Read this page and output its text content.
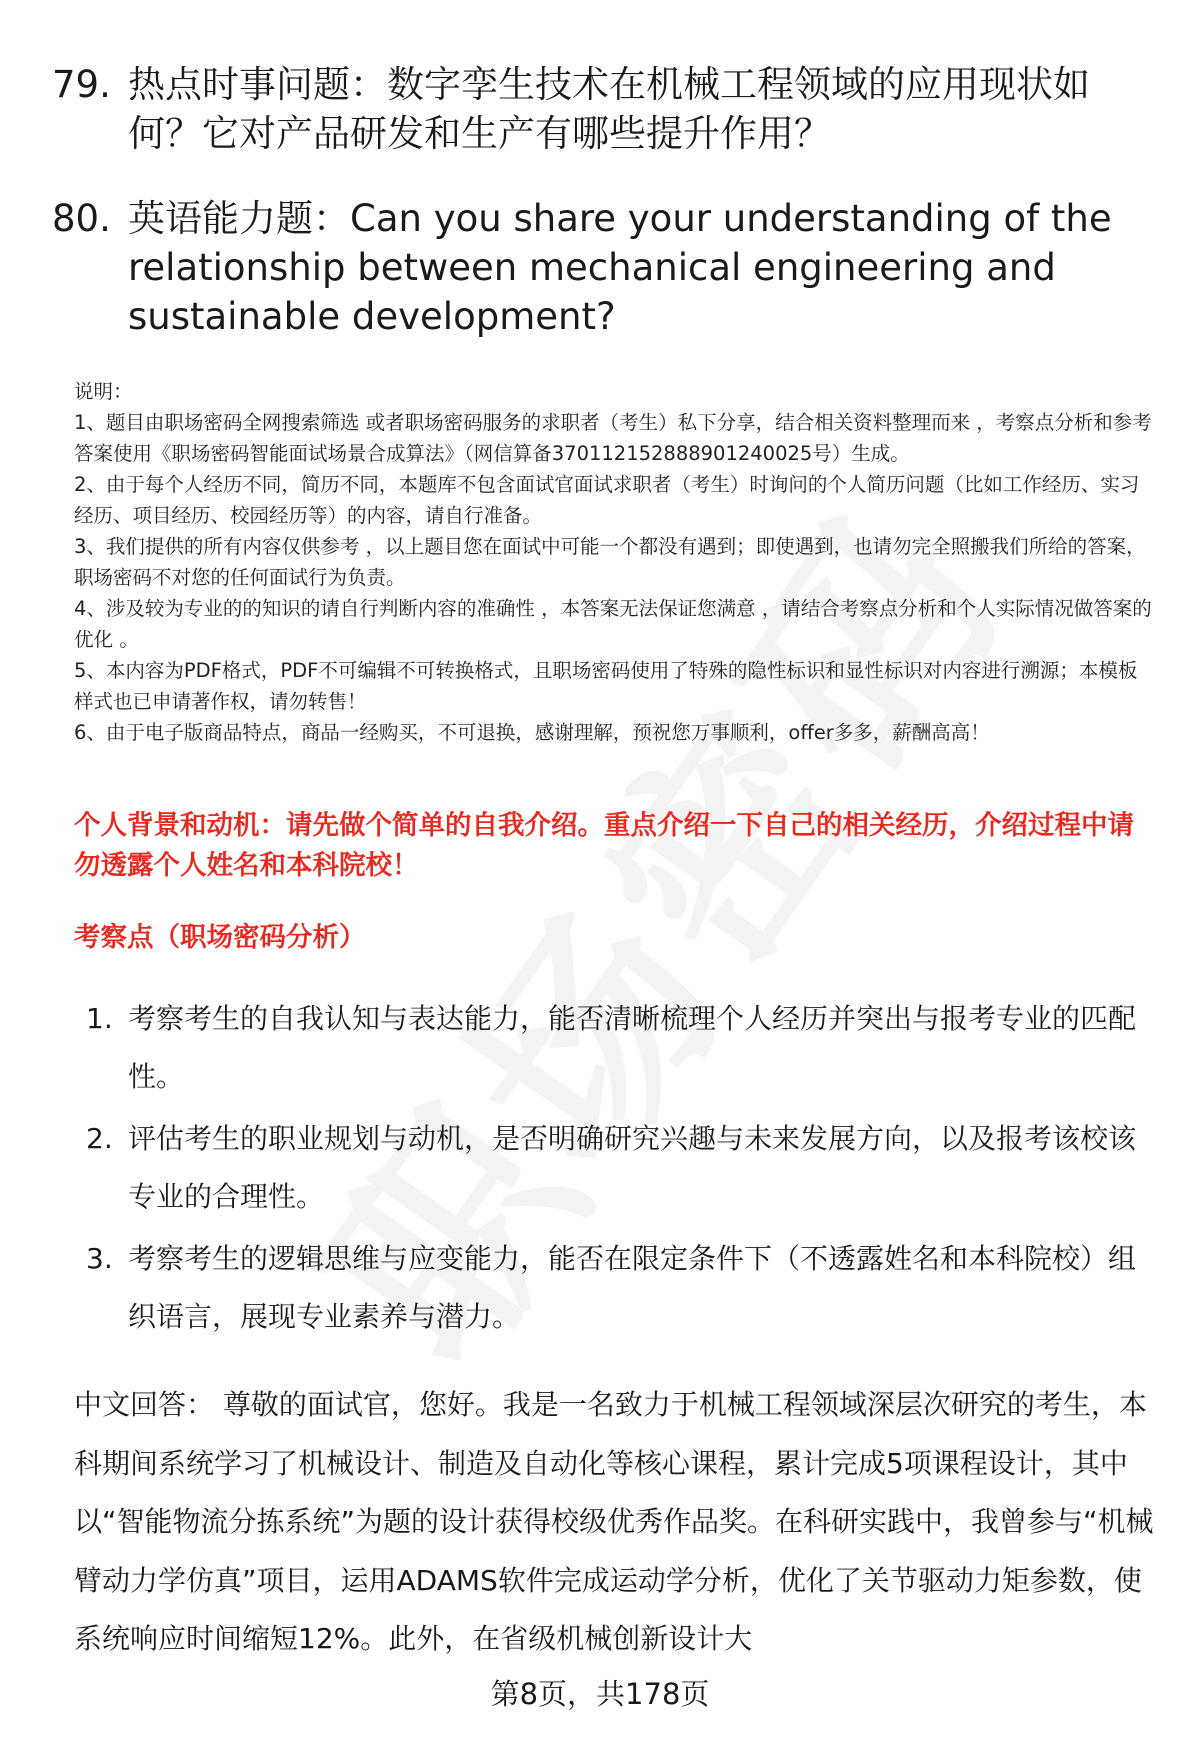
79. 热点时事问题：数字孪生技术在机械工程领域的应用现状如何？它对产品研发和生产有哪些提升作用？
80. 英语能力题：Can you share your understanding of the relationship between mechanical engineering and sustainable development?

说明：

1、题目由职场密码全网搜索筛选 或者职场密码服务的求职者（考生）私下分享，结合相关资料整理而来 ，考察点分析和参考答案使用《职场密码智能面试场景合成算法》（网信算备370112152888901240025号）生成。

2、由于每个人经历不同，简历不同，本题库不包含面试官面试求职者（考生）时询问的个人简历问题（比如工作经历、实习经历、项目经历、校园经历等）的内容，请自行准备。

3、我们提供的所有内容仅供参考 ，以上题目您在面试中可能一个都没有遇到；即使遇到，也请勿完全照搬我们所给的答案，职场密码不对您的任何面试行为负责。

4、涉及较为专业的的知识的请自行判断内容的准确性 ，本答案无法保证您满意 ，请结合考察点分析和个人实际情况做答案的优化 。

5、本内容为PDF格式，PDF不可编辑不可转换格式，且职场密码使用了特殊的隐性标识和显性标识对内容进行溯源；本模板样式也已申请著作权，请勿转售！

6、由于电子版商品特点，商品一经购买，不可退换，感谢理解，预祝您万事顺利，offer多多，薪酬高高！

个人背景和动机：请先做个简单的自我介绍。重点介绍一下自己的相关经历，介绍过程中请勿透露个人姓名和本科院校！
考察点（职场密码分析）
1. 考察考生的自我认知与表达能力，能否清晰梳理个人经历并突出与报考专业的匹配性。
2. 评估考生的职业规划与动机，是否明确研究兴趣与未来发展方向，以及报考该校该专业的合理性。
3. 考察考生的逻辑思维与应变能力，能否在限定条件下（不透露姓名和本科院校）组织语言，展现专业素养与潜力。
中文回答： 尊敬的面试官，您好。我是一名致力于机械工程领域深层次研究的考生，本科期间系统学习了机械设计、制造及自动化等核心课程，累计完成5项课程设计，其中以“智能物流分拣系统”为题的设计获得校级优秀作品奖。在科研实践中，我曾参与“机械臂动力学仿真”项目，运用ADAMS软件完成运动学分析，优化了关节驱动力矩参数，使系统响应时间缩短12%。此外，在省级机械创新设计大
第8页，共178页
